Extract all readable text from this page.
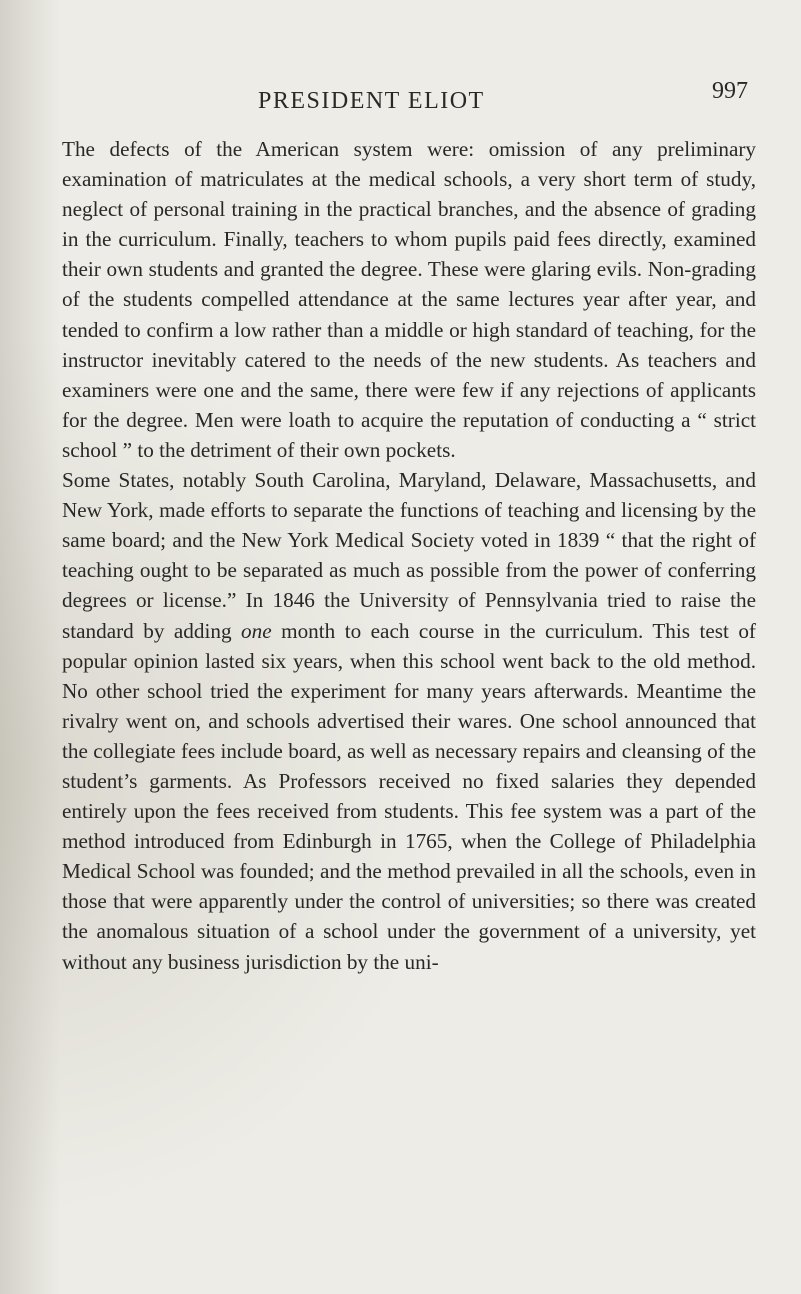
PRESIDENT ELIOT	997

The defects of the American system were: omission of any preliminary examination of matriculates at the medical schools, a very short term of study, neglect of personal training in the practical branches, and the absence of grading in the curriculum. Finally, teachers to whom pupils paid fees directly, examined their own students and granted the degree. These were glaring evils. Non-grading of the students compelled attendance at the same lectures year after year, and tended to confirm a low rather than a middle or high standard of teaching, for the instructor inevitably catered to the needs of the new students. As teachers and examiners were one and the same, there were few if any rejections of applicants for the degree. Men were loath to acquire the reputation of conducting a “ strict school ” to the detriment of their own pockets.

Some States, notably South Carolina, Maryland, Delaware, Massachusetts, and New York, made efforts to separate the functions of teaching and licensing by the same board; and the New York Medical Society voted in 1839 “ that the right of teaching ought to be separated as much as possible from the power of conferring degrees or license.” In 1846 the University of Pennsylvania tried to raise the standard by adding one month to each course in the curriculum. This test of popular opinion lasted six years, when this school went back to the old method. No other school tried the experiment for many years afterwards. Meantime the rivalry went on, and schools advertised their wares. One school announced that the collegiate fees include board, as well as necessary repairs and cleansing of the student’s garments. As Professors received no fixed salaries they depended entirely upon the fees received from students. This fee system was a part of the method introduced from Edinburgh in 1765, when the College of Philadelphia Medical School was founded; and the method prevailed in all the schools, even in those that were apparently under the control of universities; so there was created the anomalous situation of a school under the government of a university, yet without any business jurisdiction by the uni-
